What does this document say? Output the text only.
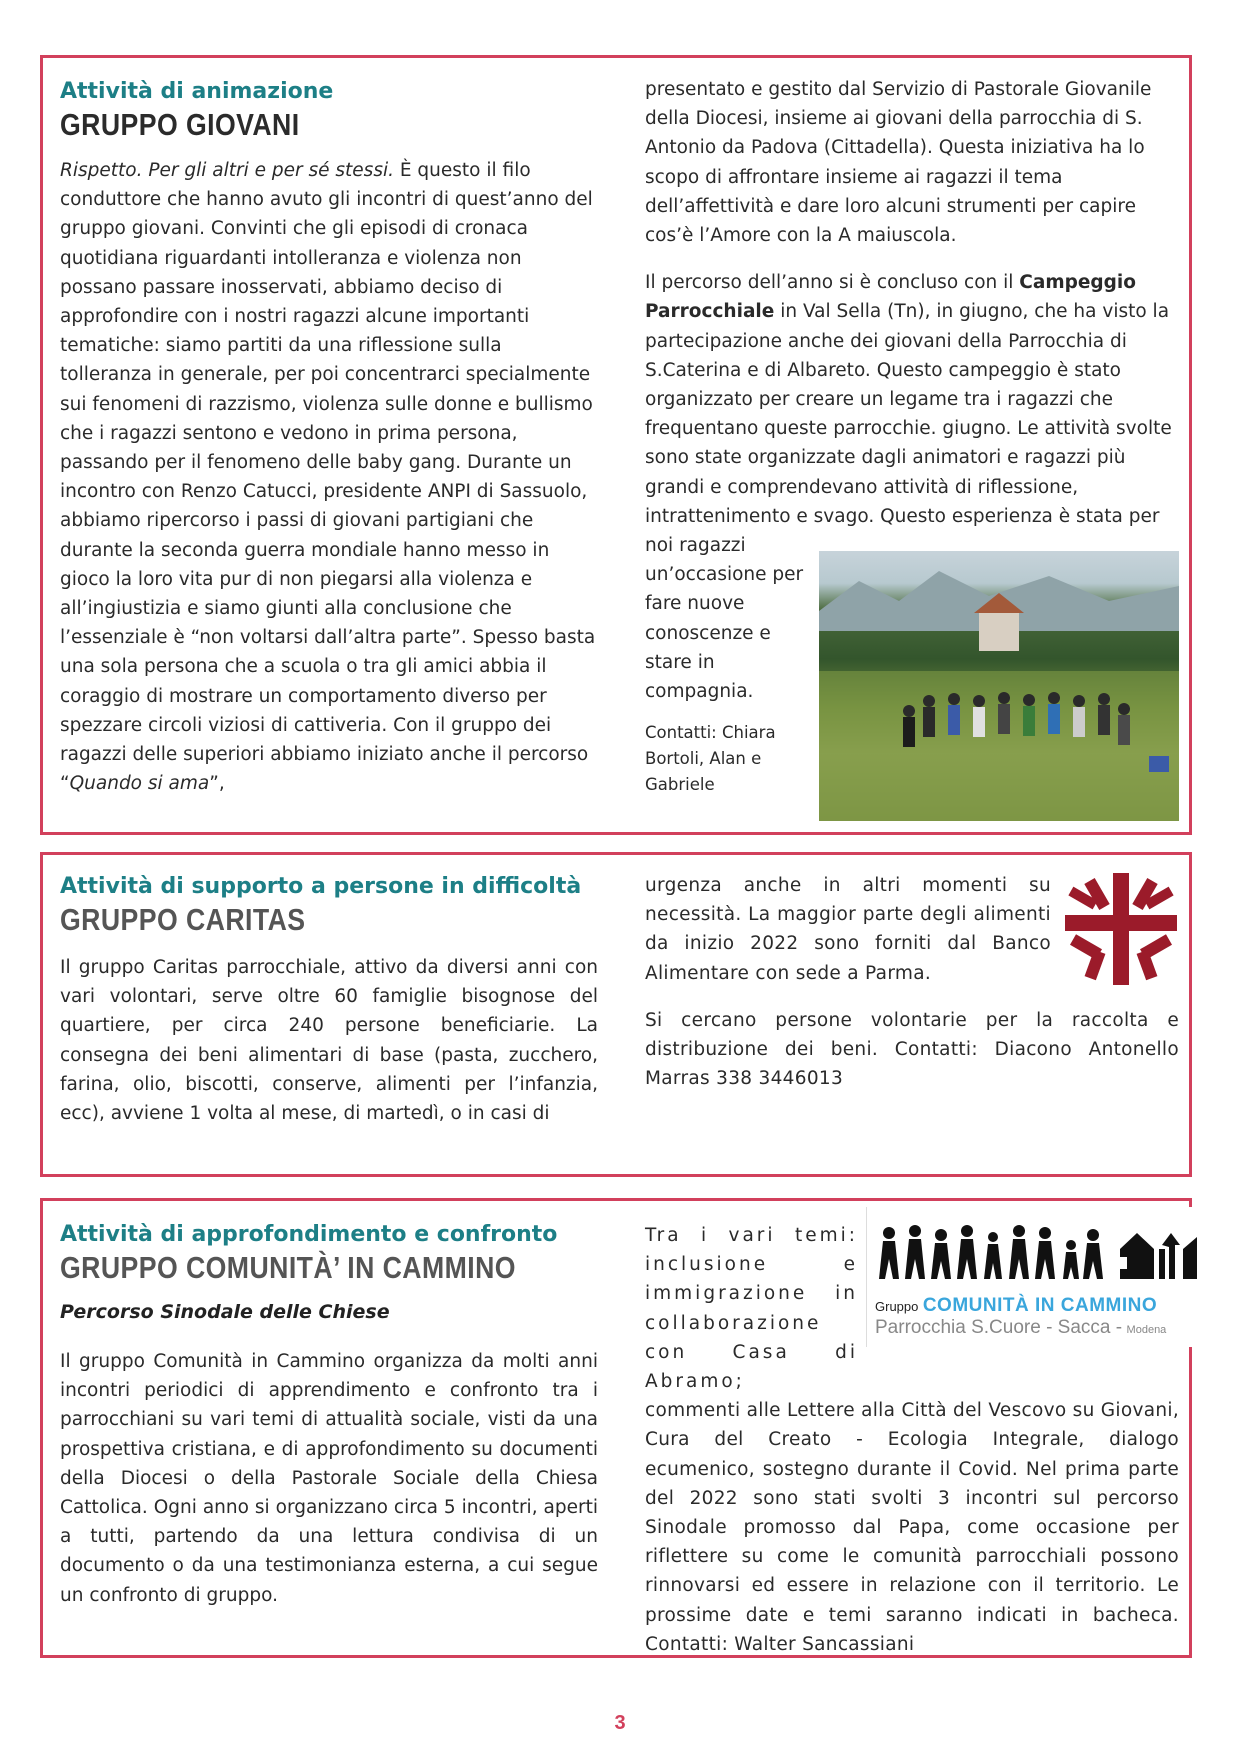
Attività di animazione

GRUPPO GIOVANI

Rispetto. Per gli altri e per sé stessi. È questo il filo conduttore che hanno avuto gli incontri di quest’anno del gruppo giovani. Convinti che gli episodi di cronaca quotidiana riguardanti intolleranza e violenza non possano passare inosservati, abbiamo deciso di approfondire con i nostri ragazzi alcune importanti tematiche: siamo partiti da una riflessione sulla tolleranza in generale, per poi concentrarci specialmente sui fenomeni di razzismo, violenza sulle donne e bullismo che i ragazzi sentono e vedono in prima persona, passando per il fenomeno delle baby gang. Durante un incontro con Renzo Catucci, presidente ANPI di Sassuolo, abbiamo ripercorso i passi di giovani partigiani che durante la seconda guerra mondiale hanno messo in gioco la loro vita pur di non piegarsi alla violenza e all’ingiustizia e siamo giunti alla conclusione che l’essenziale è “non voltarsi dall’altra parte”. Spesso basta una sola persona che a scuola o tra gli amici abbia il coraggio di mostrare un comportamento diverso per spezzare circoli viziosi di cattiveria. Con il gruppo dei ragazzi delle superiori abbiamo iniziato anche il percorso “Quando si ama”,

presentato e gestito dal Servizio di Pastorale Giovanile della Diocesi, insieme ai giovani della parrocchia di S. Antonio da Padova (Cittadella). Questa iniziativa ha lo scopo di affrontare insieme ai ragazzi il tema dell’affettività e dare loro alcuni strumenti per capire cos’è l’Amore con la A maiuscola.

Il percorso dell’anno si è concluso con il Campeggio Parrocchiale in Val Sella (Tn), in giugno, che ha visto la partecipazione anche dei giovani della Parrocchia di S.Caterina e di Albareto. Questo campeggio è stato organizzato per creare un legame tra i ragazzi che frequentano queste parrocchie. giugno. Le attività svolte sono state organizzate dagli animatori e ragazzi più grandi e comprendevano attività di riflessione, intrattenimento e svago. Questo esperienza è stata per

noi ragazzi un’occasione per fare nuove conoscenze e stare in compagnia.

Contatti: Chiara Bortoli, Alan e Gabriele

Attività di supporto a persone in difficoltà

GRUPPO CARITAS

Il gruppo Caritas parrocchiale, attivo da diversi anni con vari volontari, serve oltre 60 famiglie bisognose del quartiere, per circa 240 persone beneficiarie. La consegna dei beni alimentari di base (pasta, zucchero, farina, olio, biscotti, conserve, alimenti per l’infanzia, ecc), avviene 1 volta al mese, di martedì, o in casi di

urgenza anche in altri momenti su necessità. La maggior parte degli alimenti da inizio 2022 sono forniti dal Banco Alimentare con sede a Parma.

Si cercano persone volontarie per la raccolta e distribuzione dei beni. Contatti: Diacono Antonello Marras 338 3446013

Attività di approfondimento e confronto

GRUPPO COMUNITÀ’ IN CAMMINO

Percorso Sinodale delle Chiese

Il gruppo Comunità in Cammino organizza da molti anni incontri periodici di apprendimento e confronto tra i parrocchiani su vari temi di attualità sociale, visti da una prospettiva cristiana, e di approfondimento su documenti della Diocesi o della Pastorale Sociale della Chiesa Cattolica. Ogni anno si organizzano circa 5 incontri, aperti a tutti, partendo da una lettura condivisa di un documento o da una testimonianza esterna, a cui segue un confronto di gruppo.

Gruppo COMUNITÀ IN CAMMINO
Parrocchia S.Cuore - Sacca - Modena

Tra i vari temi: inclusione e immigrazione in collaborazione con Casa di Abramo;

commenti alle Lettere alla Città del Vescovo su Giovani, Cura del Creato - Ecologia Integrale, dialogo ecumenico, sostegno durante il Covid. Nel prima parte del 2022 sono stati svolti 3 incontri sul percorso Sinodale promosso dal Papa, come occasione per riflettere su come le comunità parrocchiali possono rinnovarsi ed essere in relazione con il territorio. Le prossime date e temi saranno indicati in bacheca. Contatti: Walter Sancassiani

3
